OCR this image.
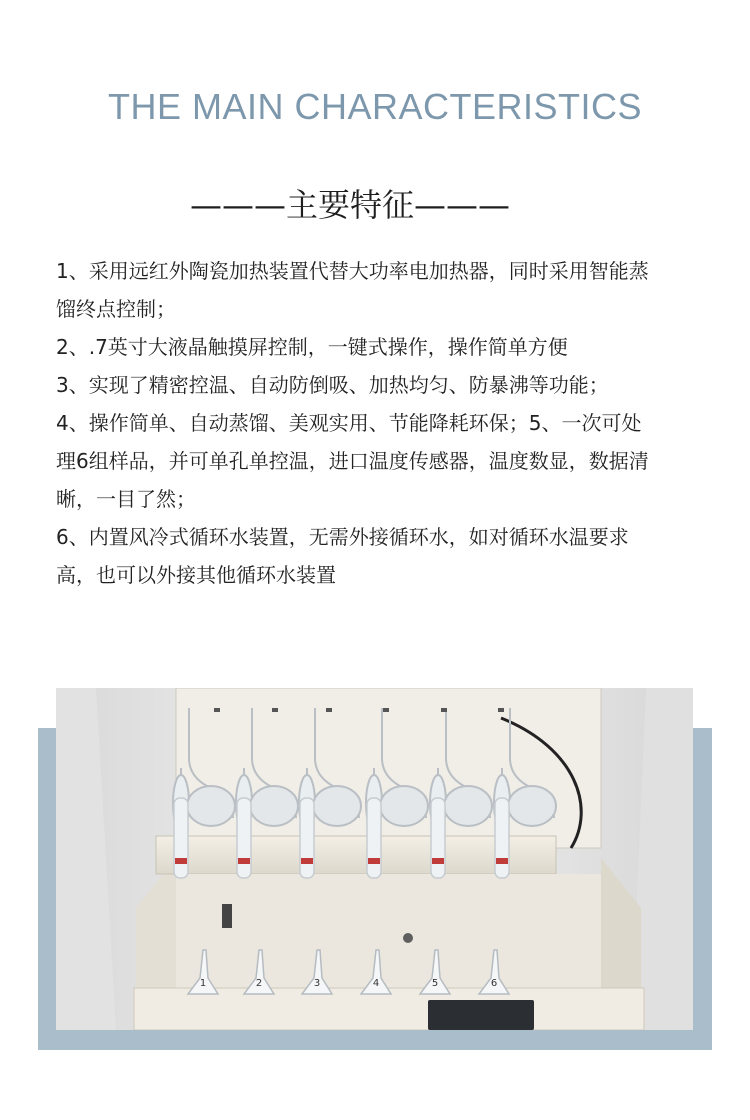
THE MAIN CHARACTERISTICS
———主要特征———

1、采用远红外陶瓷加热装置代替大功率电加热器，同时采用智能蒸馏终点控制；

2、.7英寸大液晶触摸屏控制，一键式操作，操作简单方便

3、实现了精密控温、自动防倒吸、加热均匀、防暴沸等功能；

4、操作简单、自动蒸馏、美观实用、节能降耗环保；5、一次可处理6组样品，并可单孔单控温，进口温度传感器，温度数显，数据清晰，一目了然；

6、内置风冷式循环水装置，无需外接循环水，如对循环水温要求高，也可以外接其他循环水装置

1	2	3	4	5	6
